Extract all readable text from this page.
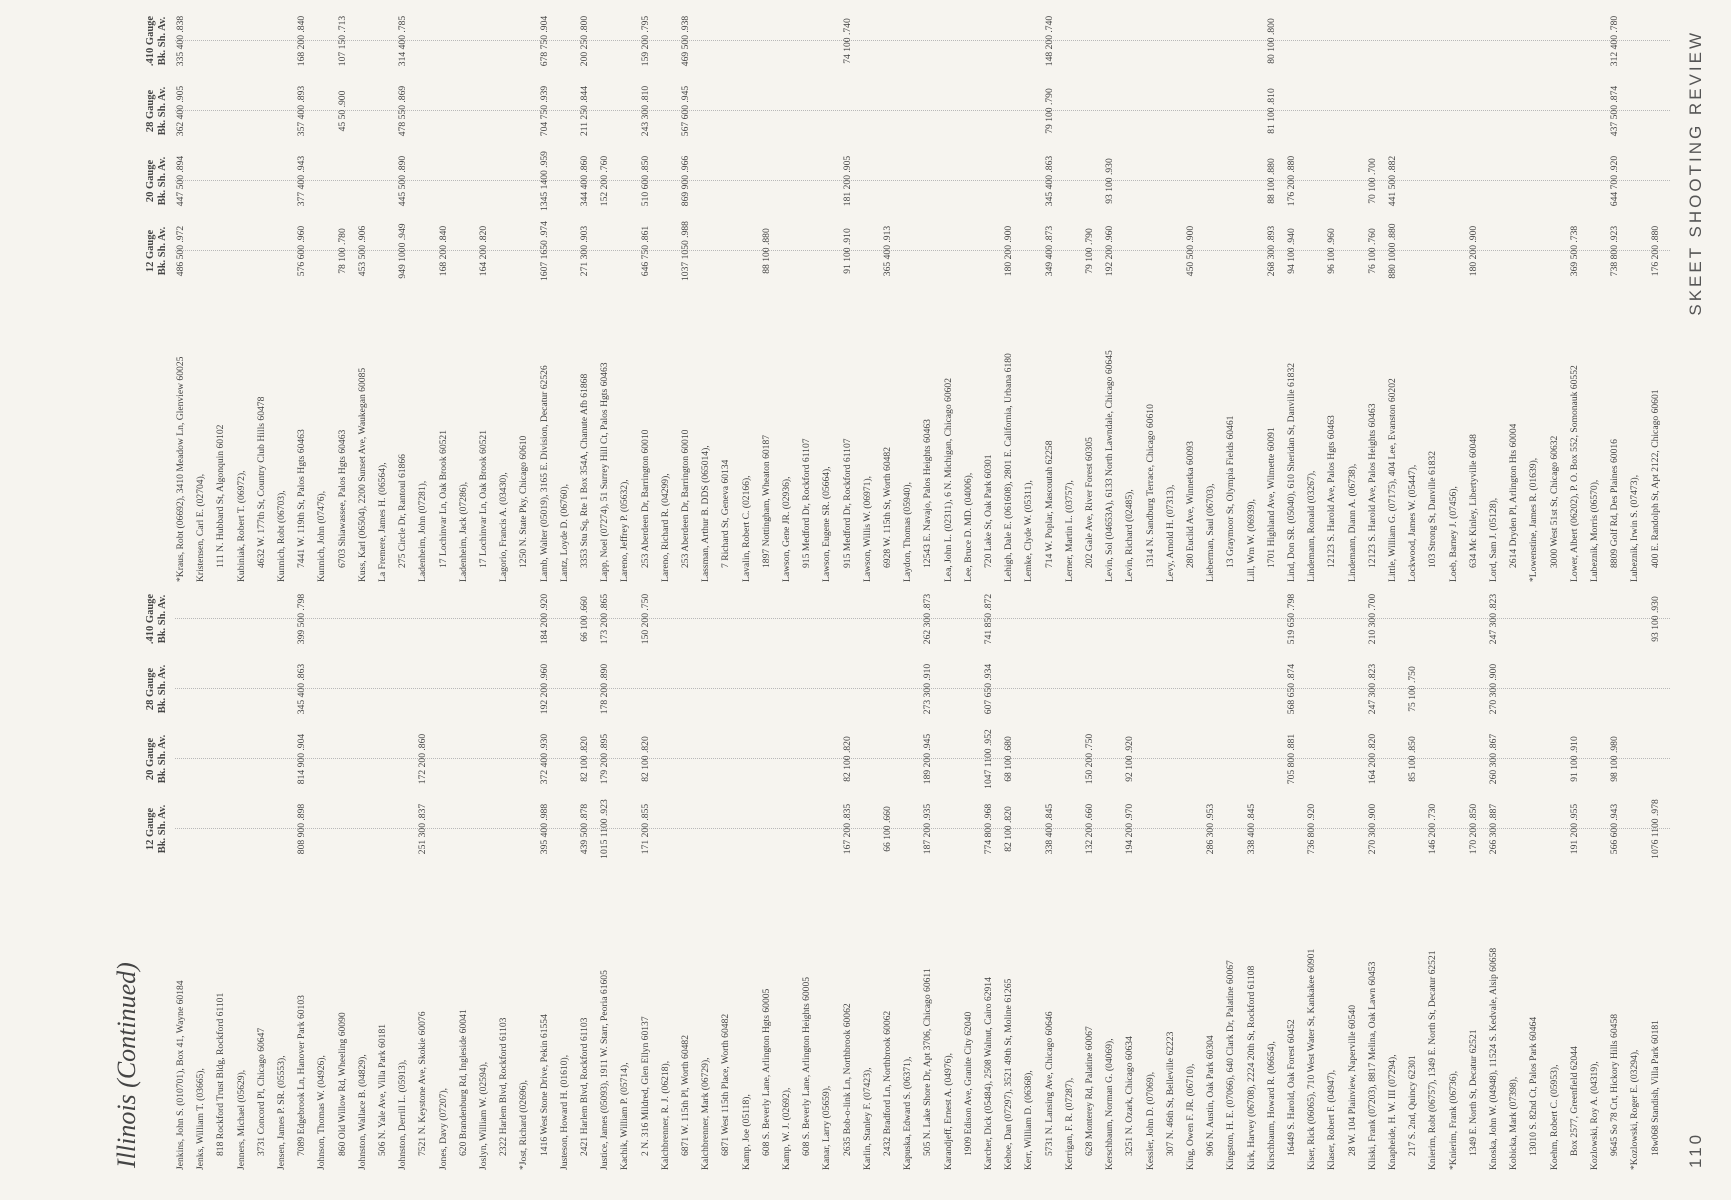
110
SKEET SHOOTING REVIEW
Illinois (Continued)
12 Gauge Bk. Sh. Av.
20 Gauge Bk. Sh. Av.
28 Gauge Bk. Sh. Av.
.410 Gauge Bk. Sh. Av.
Jenkins, John S. (010701), Box 41, Wayne 60184 Jenks, William T. (03665), 818 Rockford Trust Bldg, Rockford 61101 Jenners, Michael (05629), 3731 Concord Pl, Chicago 60647 Jensen, James P. SR. (05553), 7089 Edgebrook Ln, Hanover Park 60103
808 900 .898
814 900 .904
345 400 .863
399 500 .798
Johnson, Thomas W. (04926), 860 Old Willow Rd, Wheeling 60090 Johnston, Wallace B. (04829), 506 N. Yale Ave, Villa Park 60181 Johnston, Derrill L. (05913), 7521 N. Keystone Ave, Skokie 60076
251 300 .837
172 200 .860
Jones, Davy (07207), 620 Brandenburg Rd, Ingleside 60041 Joslyn, William W. (02594), 2322 Harlem Blvd, Rockford 61103 *Jost, Richard (02696), 1416 West Stone Drive, Pekin 61554
395 400 .988
372 400 .930
192 200 .960
184 200 .920
Justeson, Howard H. (01610), 2421 Harlem Blvd, Rockford 61103
439 500 .878
82 100 .820
66 100 .660
Justice, James (05093), 1911 W. Starr, Peoria 61605
1015 1100 .923
179 200 .895
178 200 .890
173 200 .865
Kachik, William P. (05714), 2 N. 316 Mildred, Glen Ellyn 60137
171 200 .855
82 100 .820
150 200 .750
Kalchbrenner, R. J. (06218), 6871 W. 115th Pl, Worth 60482 Kalchbrenner, Mark (06729), 6871 West 115th Place, Worth 60482 Kamp, Joe (05118), 608 S. Beverly Lane, Arlington Hgts 60005 Kamp, W. J. (02692), 608 S. Beverly Lane, Arlington Heights 60005 Kanar, Larry (05659), 2635 Bob-o-link Ln, Northbrook 60062
167 200 .835
82 100 .820
Karlin, Stanley F. (07423), 2432 Bradford Ln, Northbrook 60062
66 100 .660
Kapuska, Edward S. (06371), 505 N. Lake Shore Dr, Apt 3706, Chicago 60611
187 200 .935
189 200 .945
273 300 .910
262 300 .873
Karandjeff, Ernest A. (04976), 1909 Edison Ave, Granite City 62040 Karcher, Dick (05484), 2508 Walnut, Cairo 62914
774 800 .968
1047 1100 .952
607 650 .934
741 850 .872
Kehoe, Dan (07297), 3521 49th St, Moline 61265
82 100 .820
68 100 .680
Kerr, William D. (06368), 5731 N. Lansing Ave, Chicago 60646
338 400 .845
Kerrigan, F. R. (07287), 628 Monterey Rd, Palatine 60067
132 200 .660
150 200 .750
Kerschbaum, Norman G. (04069), 3251 N. Ozark, Chicago 60634
194 200 .970
92 100 .920
Kessler, John D. (07069), 307 N. 46th St, Belleville 62223 King, Owen F. JR. (06710), 906 N. Austin, Oak Park 60304
286 300 .953
Kingston, H. E. (07066), 640 Clark Dr, Palatine 60067 Kirk, Harvey (06708), 2224 20th St, Rockford 61108
338 400 .845
Kirschbaum, Howard R. (06654), 16449 S. Harold, Oak Forest 60452
705 800 .881
568 650 .874
519 650 .798
Kiser, Rick (06065), 710 West Water St, Kankakee 60901
736 800 .920
Klaser, Robert F. (04947), 28 W. 104 Plainview, Naperville 60540 Kliski, Frank (07203), 8817 Melina, Oak Lawn 60453
270 300 .900
164 200 .820
247 300 .823
210 300 .700
Knapheide, H. W. III (07294), 217 S. 2nd, Quincy 62301
85 100 .850
75 100 .750
Knierim, Robt (06757), 1349 E. North St, Decatur 62521
146 200 .730
*Knierim, Frank (06736), 1349 E. North St, Decatur 62521
170 200 .850
Knoska, John W. (04948), 11524 S. Kedvale, Alsip 60658
266 300 .887
260 300 .867
270 300 .900
247 300 .823
Kobicka, Mark (07398), 13010 S. 82nd Ct, Palos Park 60464 Koehm, Robert C. (05953), Box 2577, Greenfield 62044
191 200 .955
91 100 .910
Kozlowski, Roy A. (04319), 9645 So 78 Crt, Hickory Hills 60458
566 600 .943
98 100 .980
*Kozlowski, Roger E. (03294), 18w068 Standish, Villa Park 60181
1076 1100 .978
93 100 .930
12 Gauge Bk. Sh. Av.
20 Gauge Bk. Sh. Av.
28 Gauge Bk. Sh. Av.
.410 Gauge Bk. Sh. Av.
*Kraus, Robt (06692), 3410 Meadow Ln, Glenview 60025
486 500 .972
447 500 .894
362 400 .905
335 400 .838
Kristensen, Carl E. (02704), 111 N. Hubbard St, Algonquin 60102 Kubiniak, Robert T. (06972), 4632 W. 177th St, Country Club Hills 60478 Kunnich, Robt (06703), 7441 W. 119th St, Palos Hgts 60463
576 600 .960
377 400 .943
357 400 .893
168 200 .840
Kunnich, John (07476), 6703 Shiawassee, Palos Hgts 60463
78 100 .780
45 50 .900
107 150 .713
Kuss, Karl (06504), 2200 Sunset Ave, Waukegan 60085
453 500 .906
La Fremere, James H. (06564), 275 Circle Dr, Rantoul 61866
949 1000 .949
445 500 .890
478 550 .869
314 400 .785
Ladenheim, John (07281), 17 Lochinvar Ln, Oak Brook 60521
168 200 .840
Ladenheim, Jack (07286), 17 Lochinvar Ln, Oak Brook 60521
164 200 .820
Lagorio, Francis A. (03430), 1250 N. State Pky, Chicago 60610 Lamb, Walter (05019), 3165 E. Division, Decatur 62526
1607 1650 .974
1345 1400 .959
704 750 .939
678 750 .904
Lantz, Loyde D. (06760), 3353 Stu Sq, Rte 1 Box 354A, Chanute Afb 61868
271 300 .903
344 400 .860
211 250 .844
200 250 .800
Lapp, Noel (07274), 51 Surrey Hill Ct, Palos Hgts 60463
152 200 .760
Lareno, Jeffrey P. (05632), 253 Aberdeen Dr, Barrington 60010
646 750 .861
510 600 .850
243 300 .810
159 200 .795
Lareno, Richard R. (04299), 253 Aberdeen Dr, Barrington 60010
1037 1050 .988
869 900 .966
567 600 .945
469 500 .938
Lassman, Arthur B. DDS (065014), 7 Richard St, Geneva 60134 Lavalin, Robert C. (02166), 1897 Nottingham, Wheaton 60187
88 100 .880
Lawson, Gene JR. (02936), 915 Medford Dr, Rockford 61107 Lawson, Eugene SR. (05664), 915 Medford Dr, Rockford 61107
91 100 .910
181 200 .905
74 100 .740
Lawson, Willis W. (06971), 6928 W. 115th St, Worth 60482
365 400 .913
Laydon, Thomas (05940), 12543 E. Navajo, Palos Heights 60463 Lea, John L. (02311), 6 N. Michigan, Chicago 60602 Lee, Bruce D. MD. (04006), 720 Lake St, Oak Park 60301 Lehigh, Dale E. (061608), 2801 E. California, Urbana 6180
180 200 .900
Lemke, Clyde W. (05311), 714 W. Poplar, Mascoutah 62258
349 400 .873
345 400 .863
79 100 .790
148 200 .740
Lerner, Martin L. (03757), 202 Gale Ave, River Forest 60305
79 100 .790
Levin, Sol (04653A), 6133 North Lawndale, Chicago 60645
192 200 .960
93 100 .930
Levin, Richard (02485), 1314 N. Sandburg Terrace, Chicago 60610 Levy, Arnold H. (07313), 280 Euclid Ave, Winnetka 60093
450 500 .900
Lieberman, Saul (06703), 13 Graymoor St, Olympia Fields 60461 Lill, Wm W. (06939), 1701 Highland Ave, Wilmette 60091
268 300 .893
88 100 .880
81 100 .810
80 100 .800
Lind, Don SR. (05040), 610 Sheridan St, Danville 61832
94 100 .940
176 200 .880
Lindemann, Ronald (03267), 12123 S. Harold Ave, Palos Hgts 60463
96 100 .960
Lindemann, Diann A. (06738), 12123 S. Harold Ave, Palos Heights 60463
76 100 .760
70 100 .700
Little, William G. (07175), 404 Lee, Evanston 60202
880 1000 .880
441 500 .882
Lockwood, James W. (05447), 103 Strong St, Danville 61832 Loeb, Barney J. (07456), 634 Mc Kinley, Libertyville 60048
180 200 .900
Lord, Sam J. (05128), 2614 Dryden Pl, Arlington Hts 60004 *Lowenstine, James R. (01639), 3000 West 51st St, Chicago 60632 Lower, Albert (06202), P. O. Box 552, Somonauk 60552
369 500 .738
Lubeznik, Morris (06570), 8809 Golf Rd, Des Plaines 60016
738 800 .923
644 700 .920
437 500 .874
312 400 .780
Lubeznik, Irwin S. (07473), 400 E. Randolph St, Apt 2122, Chicago 60601
176 200 .880
